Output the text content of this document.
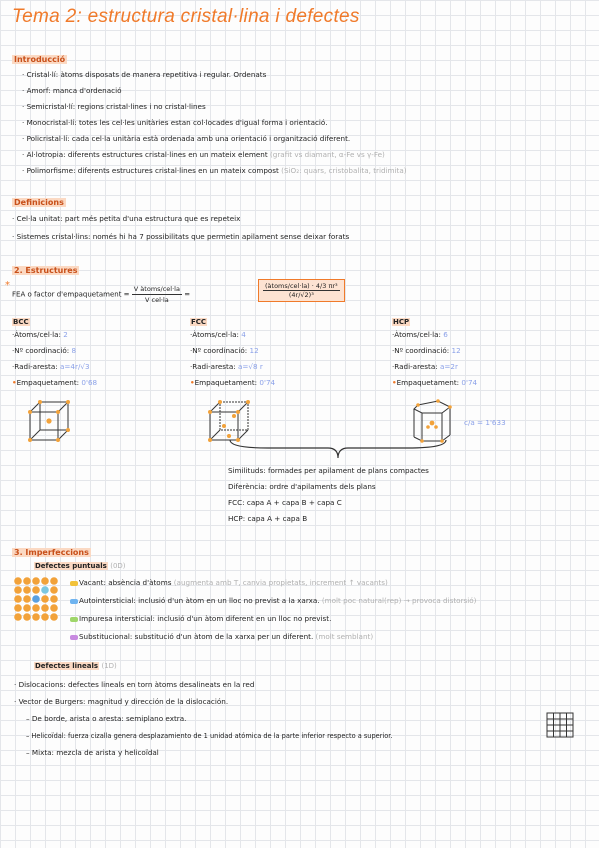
Tema 2: estructura cristal·lina i defectes
Introducció
· Cristal·lí: àtoms disposats de manera repetitiva i regular. Ordenats
· Amorf: manca d'ordenació
· Semicristal·lí: regions cristal·lines i no cristal·lines
· Monocristal·lí: totes les cel·les unitàries estan col·locades d'igual forma i orientació.
· Policristal·lí: cada cel·la unitària està ordenada amb una orientació i organització diferent.
· Al·lotropia: diferents estructures cristal·lines en un mateix element (grafit vs diamant, α-Fe vs γ-Fe)
· Polimorfisme: diferents estructures cristal·lines en un mateix compost (SiO₂: quars, cristobalita, tridimita)
Definicions
· Cel·la unitat: part més petita d'una estructura que es repeteix
· Sistemes cristal·lins: només hi ha 7 possibilitats que permetin apilament sense deixar forats
2. Estructures
*
FEA o factor d'empaquetament = $\frac{\text{V àtoms/cel·la}}{\text{V cel·la}}$ =	$\frac{\text{(àtoms/cel·la) · 4/3 πr³}}{\text{(4r/√2)³}}$
BCC
·Àtoms/cel·la: 2
·Nº coordinació: 8
·Radi-aresta: a=4r/√3
•Empaquetament: 0'68
FCC
·Àtoms/cel·la: 4
·Nº coordinació: 12
·Radi-aresta: a=√8 r
•Empaquetament: 0'74
HCP
·Àtoms/cel·la: 6
·Nº coordinació: 12
·Radi-aresta: a=2r
•Empaquetament: 0'74
c/a = 1'633
Similituds: formades per apilament de plans compactes
Diferència: ordre d'apilaments dels plans
FCC: capa A + capa B + capa C
HCP: capa A + capa B
3. Imperfeccions
Defectes puntuals (0D)
Vacant: absència d'àtoms (augmenta amb T, canvia propietats, increment ↑ vacants)
Autointersticial: inclusió d'un àtom en un lloc no previst a la xarxa. (molt poc natural(rep) → provoca distorsió)
Impuresa intersticial: inclusió d'un àtom diferent en un lloc no previst.
Substitucional: substitució d'un àtom de la xarxa per un diferent. (molt semblant)
Defectes lineals (1D)
· Dislocacions: defectes lineals en torn àtoms desalineats en la red
· Vector de Burgers: magnitud y dirección de la dislocación.
– De borde, arista o aresta: semiplano extra.
– Helicoïdal: fuerza cizalla genera desplazamiento de 1 unidad atómica de la parte inferior respecto a superior.
– Mixta: mezcla de arista y helicoïdal
